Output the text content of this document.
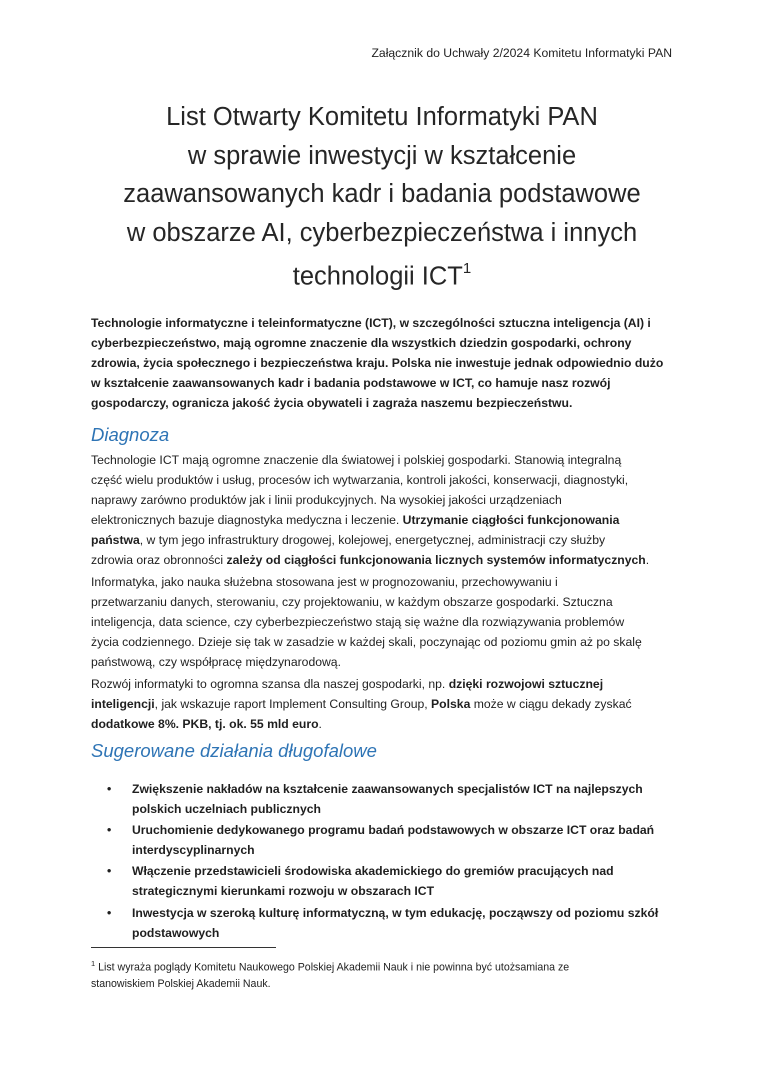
Załącznik do Uchwały 2/2024 Komitetu Informatyki PAN
List Otwarty Komitetu Informatyki PAN
w sprawie inwestycji w kształcenie
zaawansowanych kadr i badania podstawowe
w obszarze AI, cyberbezpieczeństwa i innych
technologii ICT$^1$

Technologie informatyczne i teleinformatyczne (ICT), w szczególności sztuczna inteligencja (AI) i
cyberbezpieczeństwo, mają ogromne znaczenie dla wszystkich dziedzin gospodarki, ochrony
zdrowia, życia społecznego i bezpieczeństwa kraju. Polska nie inwestuje jednak odpowiednio dużo
w kształcenie zaawansowanych kadr i badania podstawowe w ICT, co hamuje nasz rozwój
gospodarczy, ogranicza jakość życia obywateli i zagraża naszemu bezpieczeństwu.

Diagnoza

Technologie ICT mają ogromne znaczenie dla światowej i polskiej gospodarki. Stanowią integralną
część wielu produktów i usług, procesów ich wytwarzania, kontroli jakości, konserwacji, diagnostyki,
naprawy zarówno produktów jak i linii produkcyjnych. Na wysokiej jakości urządzeniach
elektronicznych bazuje diagnostyka medyczna i leczenie. Utrzymanie ciągłości funkcjonowania
państwa, w tym jego infrastruktury drogowej, kolejowej, energetycznej, administracji czy służby
zdrowia oraz obronności zależy od ciągłości funkcjonowania licznych systemów informatycznych.

Informatyka, jako nauka służebna stosowana jest w prognozowaniu, przechowywaniu i
przetwarzaniu danych, sterowaniu, czy projektowaniu, w każdym obszarze gospodarki. Sztuczna
inteligencja, data science, czy cyberbezpieczeństwo stają się ważne dla rozwiązywania problemów
życia codziennego. Dzieje się tak w zasadzie w każdej skali, poczynając od poziomu gmin aż po skalę
państwową, czy współpracę międzynarodową.

Rozwój informatyki to ogromna szansa dla naszej gospodarki, np. dzięki rozwojowi sztucznej
inteligencji, jak wskazuje raport Implement Consulting Group, Polska może w ciągu dekady zyskać
dodatkowe 8%. PKB, tj. ok. 55 mld euro.

Sugerowane działania długofalowe
• Zwiększenie nakładów na kształcenie zaawansowanych specjalistów ICT na najlepszych
polskich uczelniach publicznych
• Uruchomienie dedykowanego programu badań podstawowych w obszarze ICT oraz badań
interdyscyplinarnych
• Włączenie przedstawicieli środowiska akademickiego do gremiów pracujących nad
strategicznymi kierunkami rozwoju w obszarach ICT
• Inwestycja w szeroką kulturę informatyczną, w tym edukację, począwszy od poziomu szkół
podstawowych

$^1$ List wyraża poglądy Komitetu Naukowego Polskiej Akademii Nauk i nie powinna być utożsamiana ze
stanowiskiem Polskiej Akademii Nauk.
